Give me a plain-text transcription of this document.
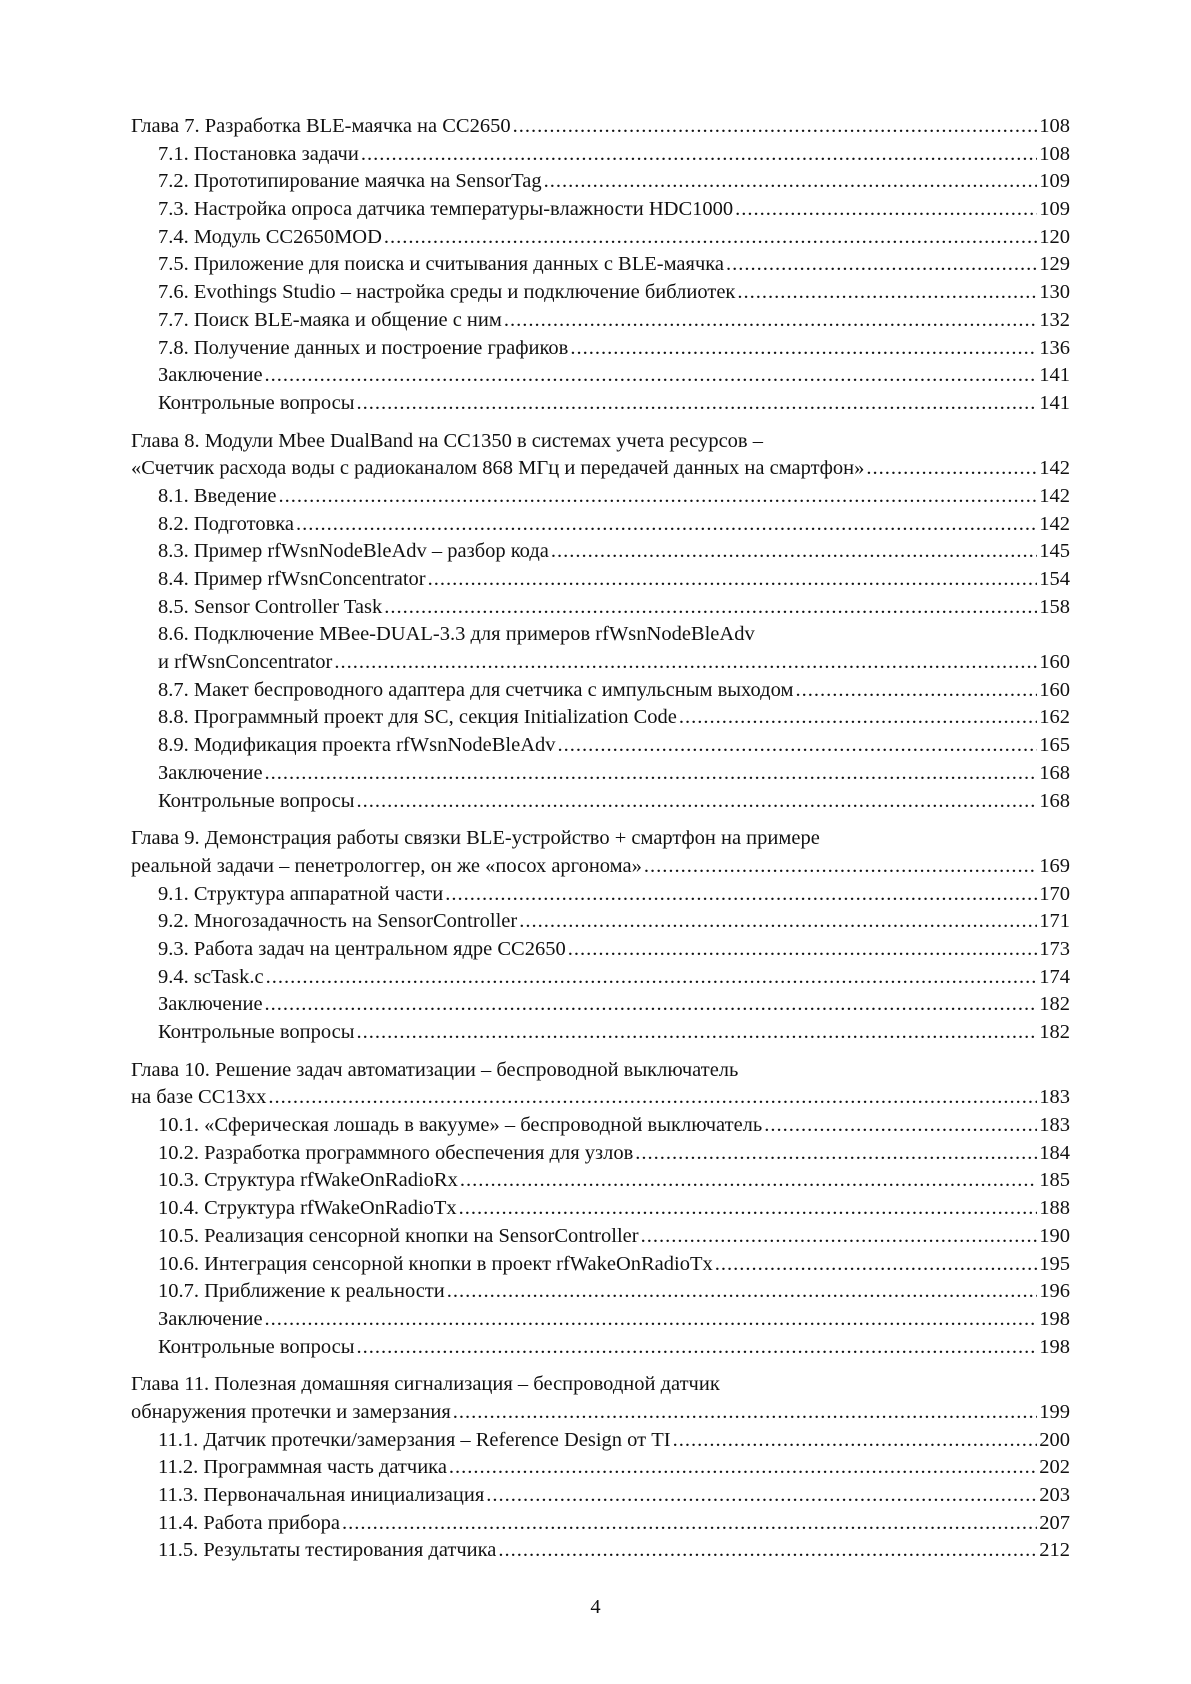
Глава 7. Разработка BLE-маячка на СС2650 .....	108
7.1. Постановка задачи .....	108
7.2. Прототипирование маячка на SensorTag .....	109
7.3. Настройка опроса датчика температуры-влажности HDC1000 .....	109
7.4. Модуль CC2650MOD .....	120
7.5. Приложение для поиска и считывания данных с BLE-маячка .....	129
7.6. Evothings Studio – настройка среды и подключение библиотек .....	130
7.7. Поиск BLE-маяка и общение с ним .....	132
7.8. Получение данных и построение графиков .....	136
Заключение .....	141
Контрольные вопросы .....	141
Глава 8. Модули Mbee DualBand на СС1350 в системах учета ресурсов –
«Счетчик расхода воды с радиоканалом 868 МГц и передачей данных на смартфон» .....	142
8.1. Введение .....	142
8.2. Подготовка .....	142
8.3. Пример rfWsnNodeBleAdv – разбор кода .....	145
8.4. Пример rfWsnConcentrator .....	154
8.5. Sensor Controller Task .....	158
8.6. Подключение MBee-DUAL-3.3 для примеров rfWsnNodeBleAdv
и rfWsnConcentrator .....	160
8.7. Макет беспроводного адаптера для счетчика с импульсным выходом .....	160
8.8. Программный проект для SC, секция Initialization Code .....	162
8.9. Модификация проекта rfWsnNodeBleAdv .....	165
Заключение .....	168
Контрольные вопросы .....	168
Глава 9. Демонстрация работы связки BLE-устройство + смартфон на примере
реальной задачи – пенетрологгер, он же «посох аргонома» .....	169
9.1. Структура аппаратной части .....	170
9.2. Многозадачность на SensorController .....	171
9.3. Работа задач на центральном ядре СС2650 .....	173
9.4. scTask.c .....	174
Заключение .....	182
Контрольные вопросы .....	182
Глава 10. Решение задач автоматизации – беспроводной выключатель
на базе СС13хх .....	183
10.1. «Сферическая лошадь в вакууме» – беспроводной выключатель .....	183
10.2. Разработка программного обеспечения для узлов .....	184
10.3. Структура rfWakeOnRadioRx .....	185
10.4. Структура rfWakeOnRadioTx .....	188
10.5. Реализация сенсорной кнопки на SensorController .....	190
10.6. Интеграция сенсорной кнопки в проект rfWakeOnRadioTx .....	195
10.7. Приближение к реальности .....	196
Заключение .....	198
Контрольные вопросы .....	198
Глава 11. Полезная домашняя сигнализация – беспроводной датчик
обнаружения протечки и замерзания .....	199
11.1. Датчик протечки/замерзания – Reference Design от TI .....	200
11.2. Программная часть датчика .....	202
11.3. Первоначальная инициализация .....	203
11.4. Работа прибора .....	207
11.5. Результаты тестирования датчика .....	212
4
